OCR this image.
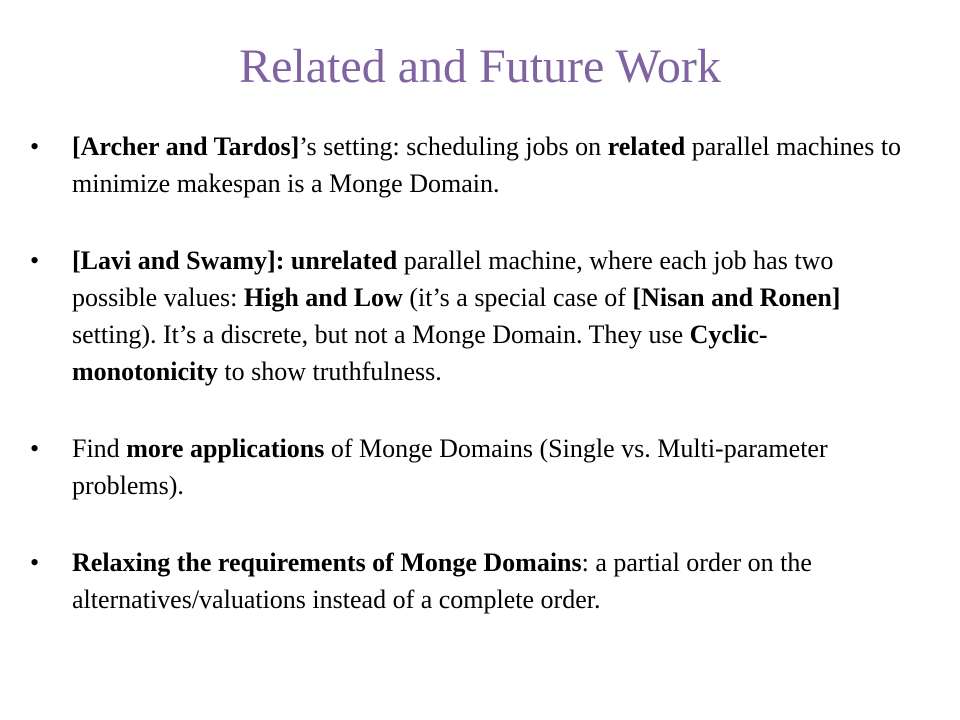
Related and Future Work
•	[Archer and Tardos]’s setting: scheduling jobs on related parallel machines to minimize makespan is a Monge Domain.
•	[Lavi and Swamy]: unrelated parallel machine, where each job has two possible values: High and Low (it’s a special case of [Nisan and Ronen] setting). It’s a discrete, but not a Monge Domain. They use Cyclic-monotonicity to show truthfulness.
•	Find more applications of Monge Domains (Single vs. Multi-parameter problems).
•	Relaxing the requirements of Monge Domains: a partial order on the alternatives/valuations instead of a complete order.
